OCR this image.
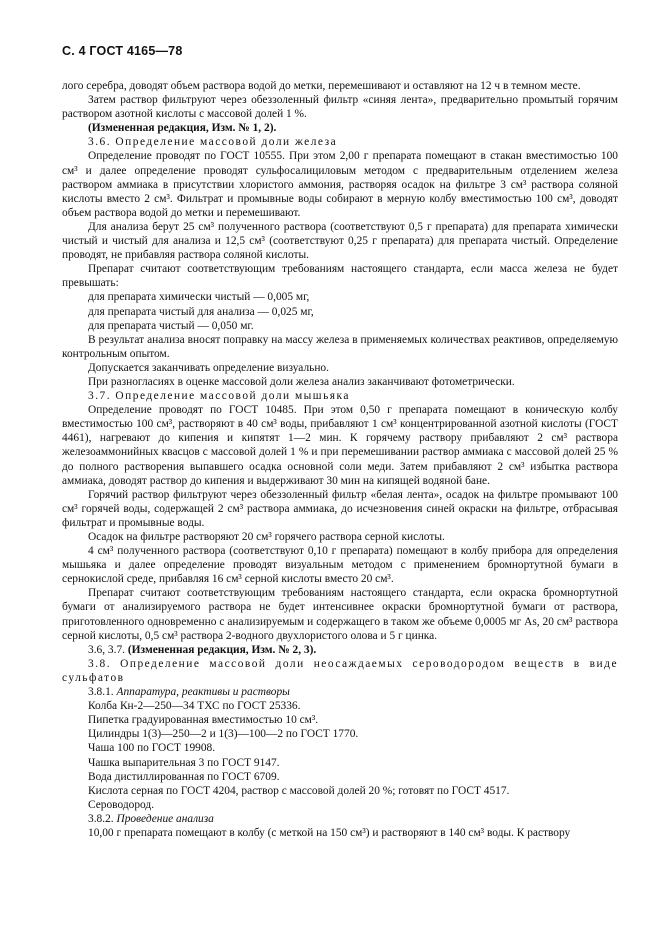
С. 4 ГОСТ 4165—78

лого серебра, доводят объем раствора водой до метки, перемешивают и оставляют на 12 ч в темном месте.

Затем раствор фильтруют через обеззоленный фильтр «синяя лента», предварительно промытый горячим раствором азотной кислоты с массовой долей 1 %.

(Измененная редакция, Изм. № 1, 2).

3.6. Определение массовой доли железа

Определение проводят по ГОСТ 10555. При этом 2,00 г препарата помещают в стакан вместимостью 100 см³ и далее определение проводят сульфосалициловым методом с предварительным отделением железа раствором аммиака в присутствии хлористого аммония, растворяя осадок на фильтре 3 см³ раствора соляной кислоты вместо 2 см³. Фильтрат и промывные воды собирают в мерную колбу вместимостью 100 см³, доводят объем раствора водой до метки и перемешивают.

Для анализа берут 25 см³ полученного раствора (соответствуют 0,5 г препарата) для препарата химически чистый и чистый для анализа и 12,5 см³ (соответствуют 0,25 г препарата) для препарата чистый. Определение проводят, не прибавляя раствора соляной кислоты.

Препарат считают соответствующим требованиям настоящего стандарта, если масса железа не будет превышать:

для препарата химически чистый — 0,005 мг,

для препарата чистый для анализа — 0,025 мг,

для препарата чистый — 0,050 мг.

В результат анализа вносят поправку на массу железа в применяемых количествах реактивов, определяемую контрольным опытом.

Допускается заканчивать определение визуально.

При разногласиях в оценке массовой доли железа анализ заканчивают фотометрически.

3.7. Определение массовой доли мышьяка

Определение проводят по ГОСТ 10485. При этом 0,50 г препарата помещают в коническую колбу вместимостью 100 см³, растворяют в 40 см³ воды, прибавляют 1 см³ концентрированной азотной кислоты (ГОСТ 4461), нагревают до кипения и кипятят 1—2 мин. К горячему раствору прибавляют 2 см³ раствора железоаммонийных квасцов с массовой долей 1 % и при перемешивании раствор аммиака с массовой долей 25 % до полного растворения выпавшего осадка основной соли меди. Затем прибавляют 2 см³ избытка раствора аммиака, доводят раствор до кипения и выдерживают 30 мин на кипящей водяной бане.

Горячий раствор фильтруют через обеззоленный фильтр «белая лента», осадок на фильтре промывают 100 см³ горячей воды, содержащей 2 см³ раствора аммиака, до исчезновения синей окраски на фильтре, отбрасывая фильтрат и промывные воды.

Осадок на фильтре растворяют 20 см³ горячего раствора серной кислоты.

4 см³ полученного раствора (соответствуют 0,10 г препарата) помещают в колбу прибора для определения мышьяка и далее определение проводят визуальным методом с применением бромнортутной бумаги в сернокислой среде, прибавляя 16 см³ серной кислоты вместо 20 см³.

Препарат считают соответствующим требованиям настоящего стандарта, если окраска бромнортутной бумаги от анализируемого раствора не будет интенсивнее окраски бромнортутной бумаги от раствора, приготовленного одновременно с анализируемым и содержащего в таком же объеме 0,0005 мг As, 20 см³ раствора серной кислоты, 0,5 см³ раствора 2-водного двухлористого олова и 5 г цинка.

3.6, 3.7. (Измененная редакция, Изм. № 2, 3).

3.8. Определение массовой доли неосаждаемых сероводородом веществ в виде сульфатов

3.8.1. Аппаратура, реактивы и растворы

Колба Кн-2—250—34 ТХС по ГОСТ 25336.

Пипетка градуированная вместимостью 10 см³.

Цилиндры 1(3)—250—2 и 1(3)—100—2 по ГОСТ 1770.

Чаша 100 по ГОСТ 19908.

Чашка выпарительная 3 по ГОСТ 9147.

Вода дистиллированная по ГОСТ 6709.

Кислота серная по ГОСТ 4204, раствор с массовой долей 20 %; готовят по ГОСТ 4517.

Сероводород.

3.8.2. Проведение анализа

10,00 г препарата помещают в колбу (с меткой на 150 см³) и растворяют в 140 см³ воды. К раствору
